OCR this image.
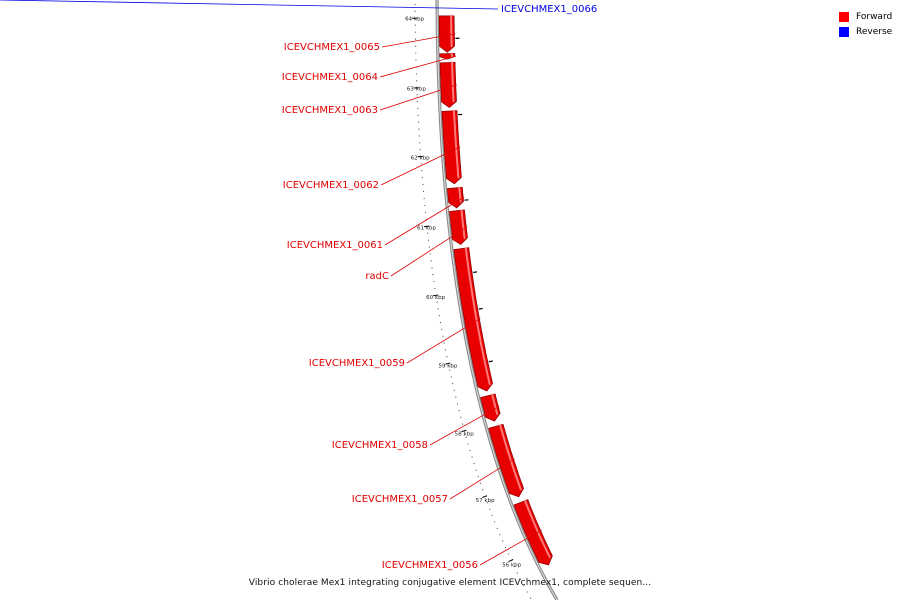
64 kbp
63 kbp
62 kbp
61 kbp
60 kbp
59 kbp
58 kbp
57 kbp
56 kbp
ICEVCHMEX1_0066
ICEVCHMEX1_0065
ICEVCHMEX1_0064
ICEVCHMEX1_0063
ICEVCHMEX1_0062
ICEVCHMEX1_0061
radC
ICEVCHMEX1_0059
ICEVCHMEX1_0058
ICEVCHMEX1_0057
ICEVCHMEX1_0056
Forward
Reverse
Vibrio cholerae Mex1 integrating conjugative element ICEVchmex1, complete sequen...
